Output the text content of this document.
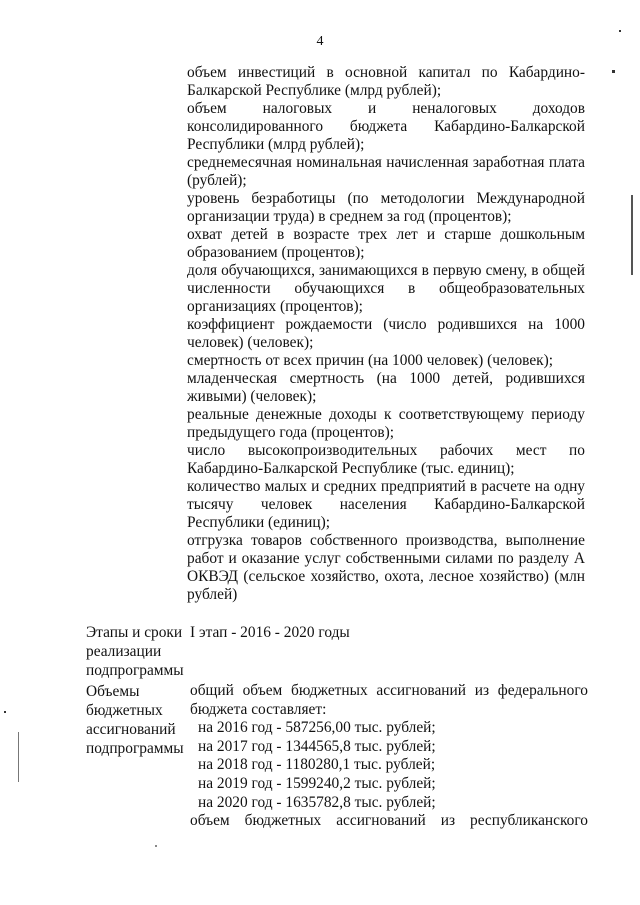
4
объем инвестиций в основной капитал по Кабардино-Балкарской Республике (млрд рублей);
объем налоговых и неналоговых доходов консолидированного бюджета Кабардино-Балкарской Республики (млрд рублей);
среднемесячная номинальная начисленная заработная плата (рублей);
уровень безработицы (по методологии Международной организации труда) в среднем за год (процентов);
охват детей в возрасте трех лет и старше дошкольным образованием (процентов);
доля обучающихся, занимающихся в первую смену, в общей численности обучающихся в общеобразовательных организациях (процентов);
коэффициент рождаемости (число родившихся на 1000 человек) (человек);
смертность от всех причин (на 1000 человек) (человек);
младенческая смертность (на 1000 детей, родившихся живыми) (человек);
реальные денежные доходы к соответствующему периоду предыдущего года (процентов);
число высокопроизводительных рабочих мест по Кабардино-Балкарской Республике (тыс. единиц);
количество малых и средних предприятий в расчете на одну тысячу человек населения Кабардино-Балкарской Республики (единиц);
отгрузка товаров собственного производства, выполнение работ и оказание услуг собственными силами по разделу А ОКВЭД (сельское хозяйство, охота, лесное хозяйство) (млн рублей)
Этапы и сроки
реализации
подпрограммы
I этап - 2016 - 2020 годы
Объемы
бюджетных
ассигнований
подпрограммы
общий объем бюджетных ассигнований из федерального бюджета составляет:
на 2016 год - 587256,00 тыс. рублей;
на 2017 год - 1344565,8 тыс. рублей;
на 2018 год - 1180280,1 тыс. рублей;
на 2019 год - 1599240,2 тыс. рублей;
на 2020 год - 1635782,8 тыс. рублей;
объем бюджетных ассигнований из республиканского
